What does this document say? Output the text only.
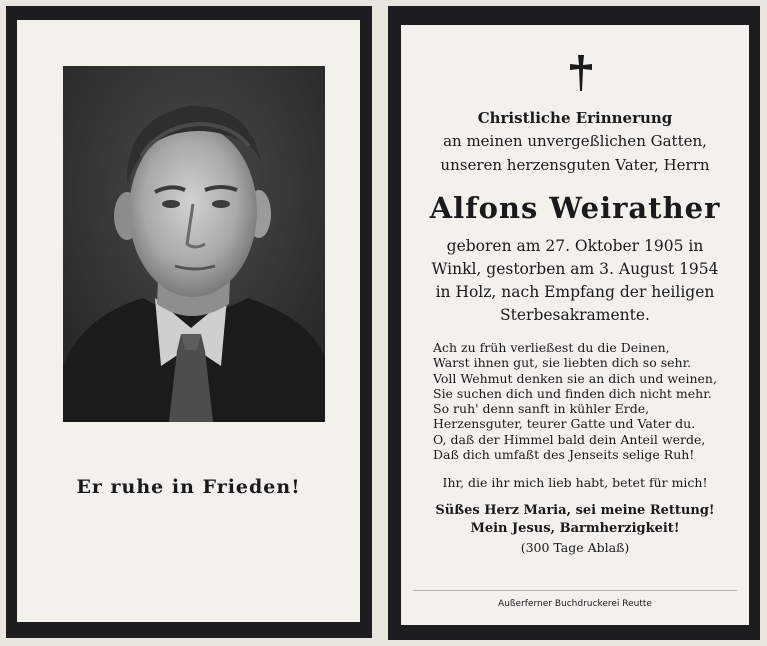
Er ruhe in Frieden!
Christliche Erinnerung
an meinen unvergeßlichen Gatten,
unseren herzensguten Vater, Herrn
Alfons Weirather
geboren am 27. Oktober 1905 in
Winkl, gestorben am 3. August 1954
in Holz, nach Empfang der heiligen
Sterbesakramente.
Ach zu früh verließest du die Deinen,
Warst ihnen gut, sie liebten dich so sehr.
Voll Wehmut denken sie an dich und weinen,
Sie suchen dich und finden dich nicht mehr.
So ruh' denn sanft in kühler Erde,
Herzensguter, teurer Gatte und Vater du.
O, daß der Himmel bald dein Anteil werde,
Daß dich umfaßt des Jenseits selige Ruh!
Ihr, die ihr mich lieb habt, betet für mich!
Süßes Herz Maria, sei meine Rettung!
Mein Jesus, Barmherzigkeit!
(300 Tage Ablaß)
Außerferner Buchdruckerei Reutte
